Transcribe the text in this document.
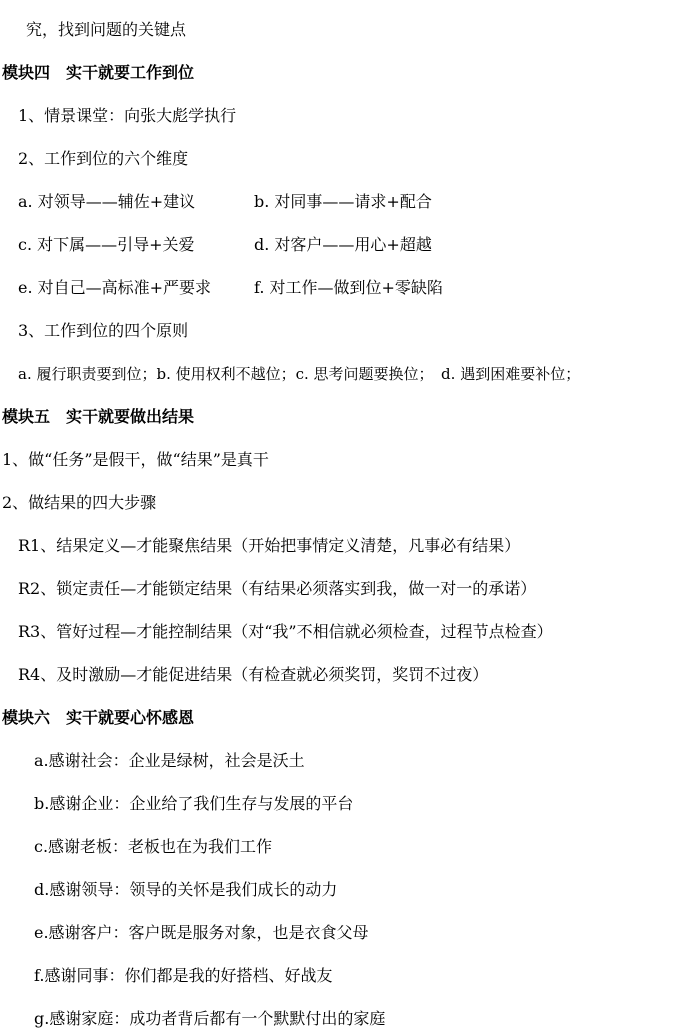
究，找到问题的关键点
模块四　实干就要工作到位
1、情景课堂：向张大彪学执行
2、工作到位的六个维度
a. 对领导——辅佐+建议	b. 对同事——请求+配合
c. 对下属——引导+关爱	d. 对客户——用心+超越
e. 对自己—高标准+严要求	f. 对工作—做到位+零缺陷
3、工作到位的四个原则
a. 履行职责要到位；b. 使用权利不越位；c. 思考问题要换位；　d. 遇到困难要补位；
模块五　实干就要做出结果
1、做“任务”是假干，做“结果”是真干
2、做结果的四大步骤
R1、结果定义—才能聚焦结果（开始把事情定义清楚，凡事必有结果）
R2、锁定责任—才能锁定结果（有结果必须落实到我，做一对一的承诺）
R3、管好过程—才能控制结果（对“我”不相信就必须检查，过程节点检查）
R4、及时激励—才能促进结果（有检查就必须奖罚，奖罚不过夜）
模块六　实干就要心怀感恩
a.感谢社会：企业是绿树，社会是沃土
b.感谢企业：企业给了我们生存与发展的平台
c.感谢老板：老板也在为我们工作
d.感谢领导：领导的关怀是我们成长的动力
e.感谢客户：客户既是服务对象，也是衣食父母
f.感谢同事：你们都是我的好搭档、好战友
g.感谢家庭：成功者背后都有一个默默付出的家庭
